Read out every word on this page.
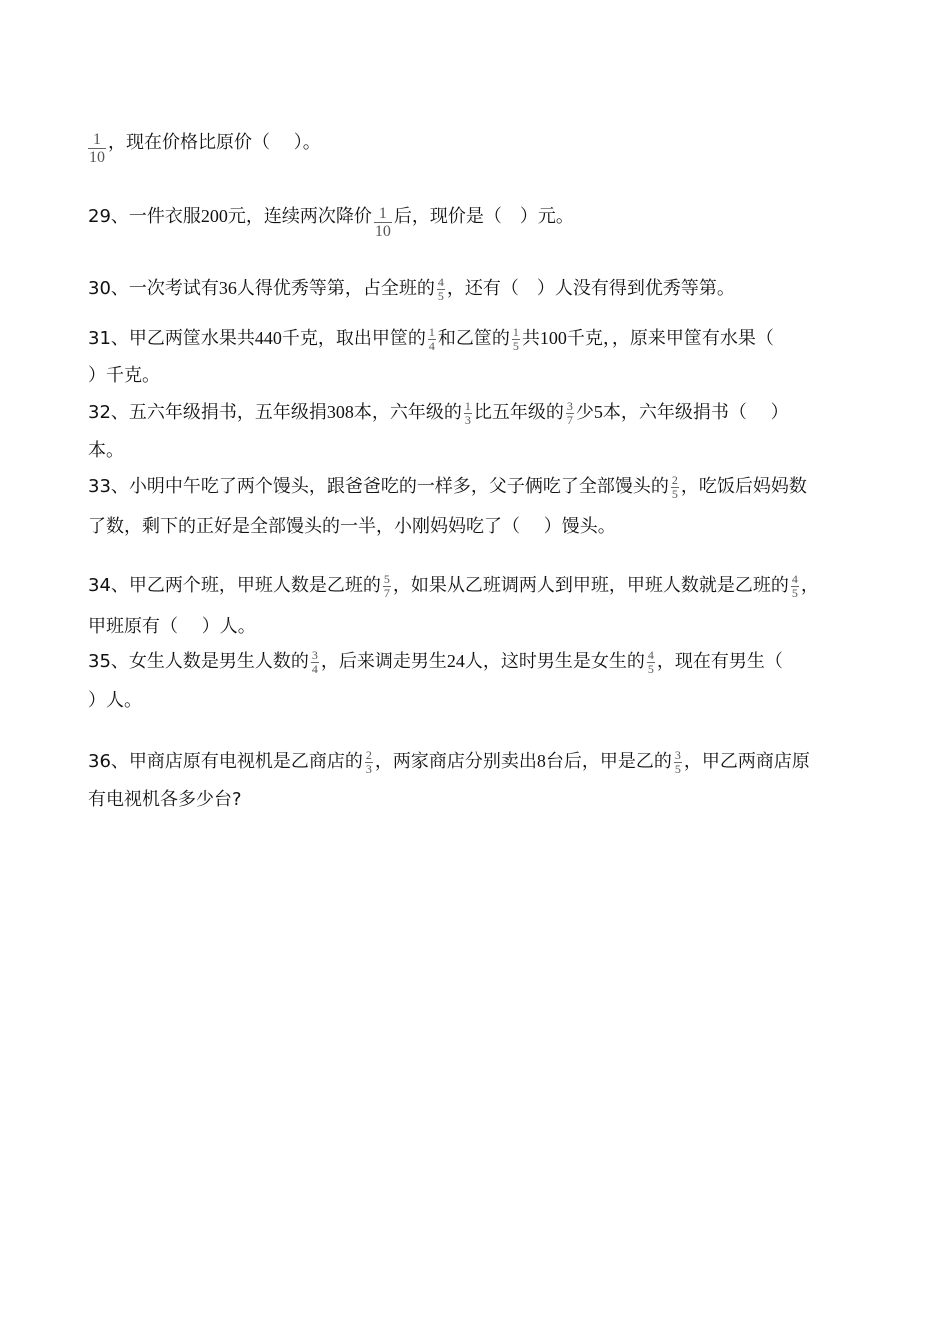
$\frac{1}{10}$ ，现在价格比原价（　 ）。
29、一件衣服200元，连续两次降价 $\frac{1}{10}$ 后，现价是（　）元。
30、一次考试有36人得优秀等第，占全班的 $\frac{4}{5}$ ，还有（　）人没有得到优秀等第。
31、甲乙两筐水果共440千克，取出甲筐的 $\frac{1}{4}$ 和乙筐的 $\frac{1}{5}$ 共100千克，，原来甲筐有水果（
）千克。
32、五六年级捐书，五年级捐308本，六年级的 $\frac{1}{3}$ 比五年级的 $\frac{3}{7}$ 少5本，六年级捐书（　 ）
本。
33、小明中午吃了两个馒头，跟爸爸吃的一样多，父子俩吃了全部馒头的 $\frac{2}{5}$ ，吃饭后妈妈数
了数，剩下的正好是全部馒头的一半，小刚妈妈吃了（　 ）馒头。
34、甲乙两个班，甲班人数是乙班的 $\frac{5}{7}$ ，如果从乙班调两人到甲班，甲班人数就是乙班的 $\frac{4}{5}$ ，
甲班原有（　 ）人。
35、女生人数是男生人数的 $\frac{3}{4}$ ，后来调走男生24人，这时男生是女生的 $\frac{4}{5}$ ，现在有男生（
）人。
36、甲商店原有电视机是乙商店的 $\frac{2}{3}$ ，两家商店分别卖出8台后，甲是乙的 $\frac{3}{5}$ ，甲乙两商店原
有电视机各多少台?
